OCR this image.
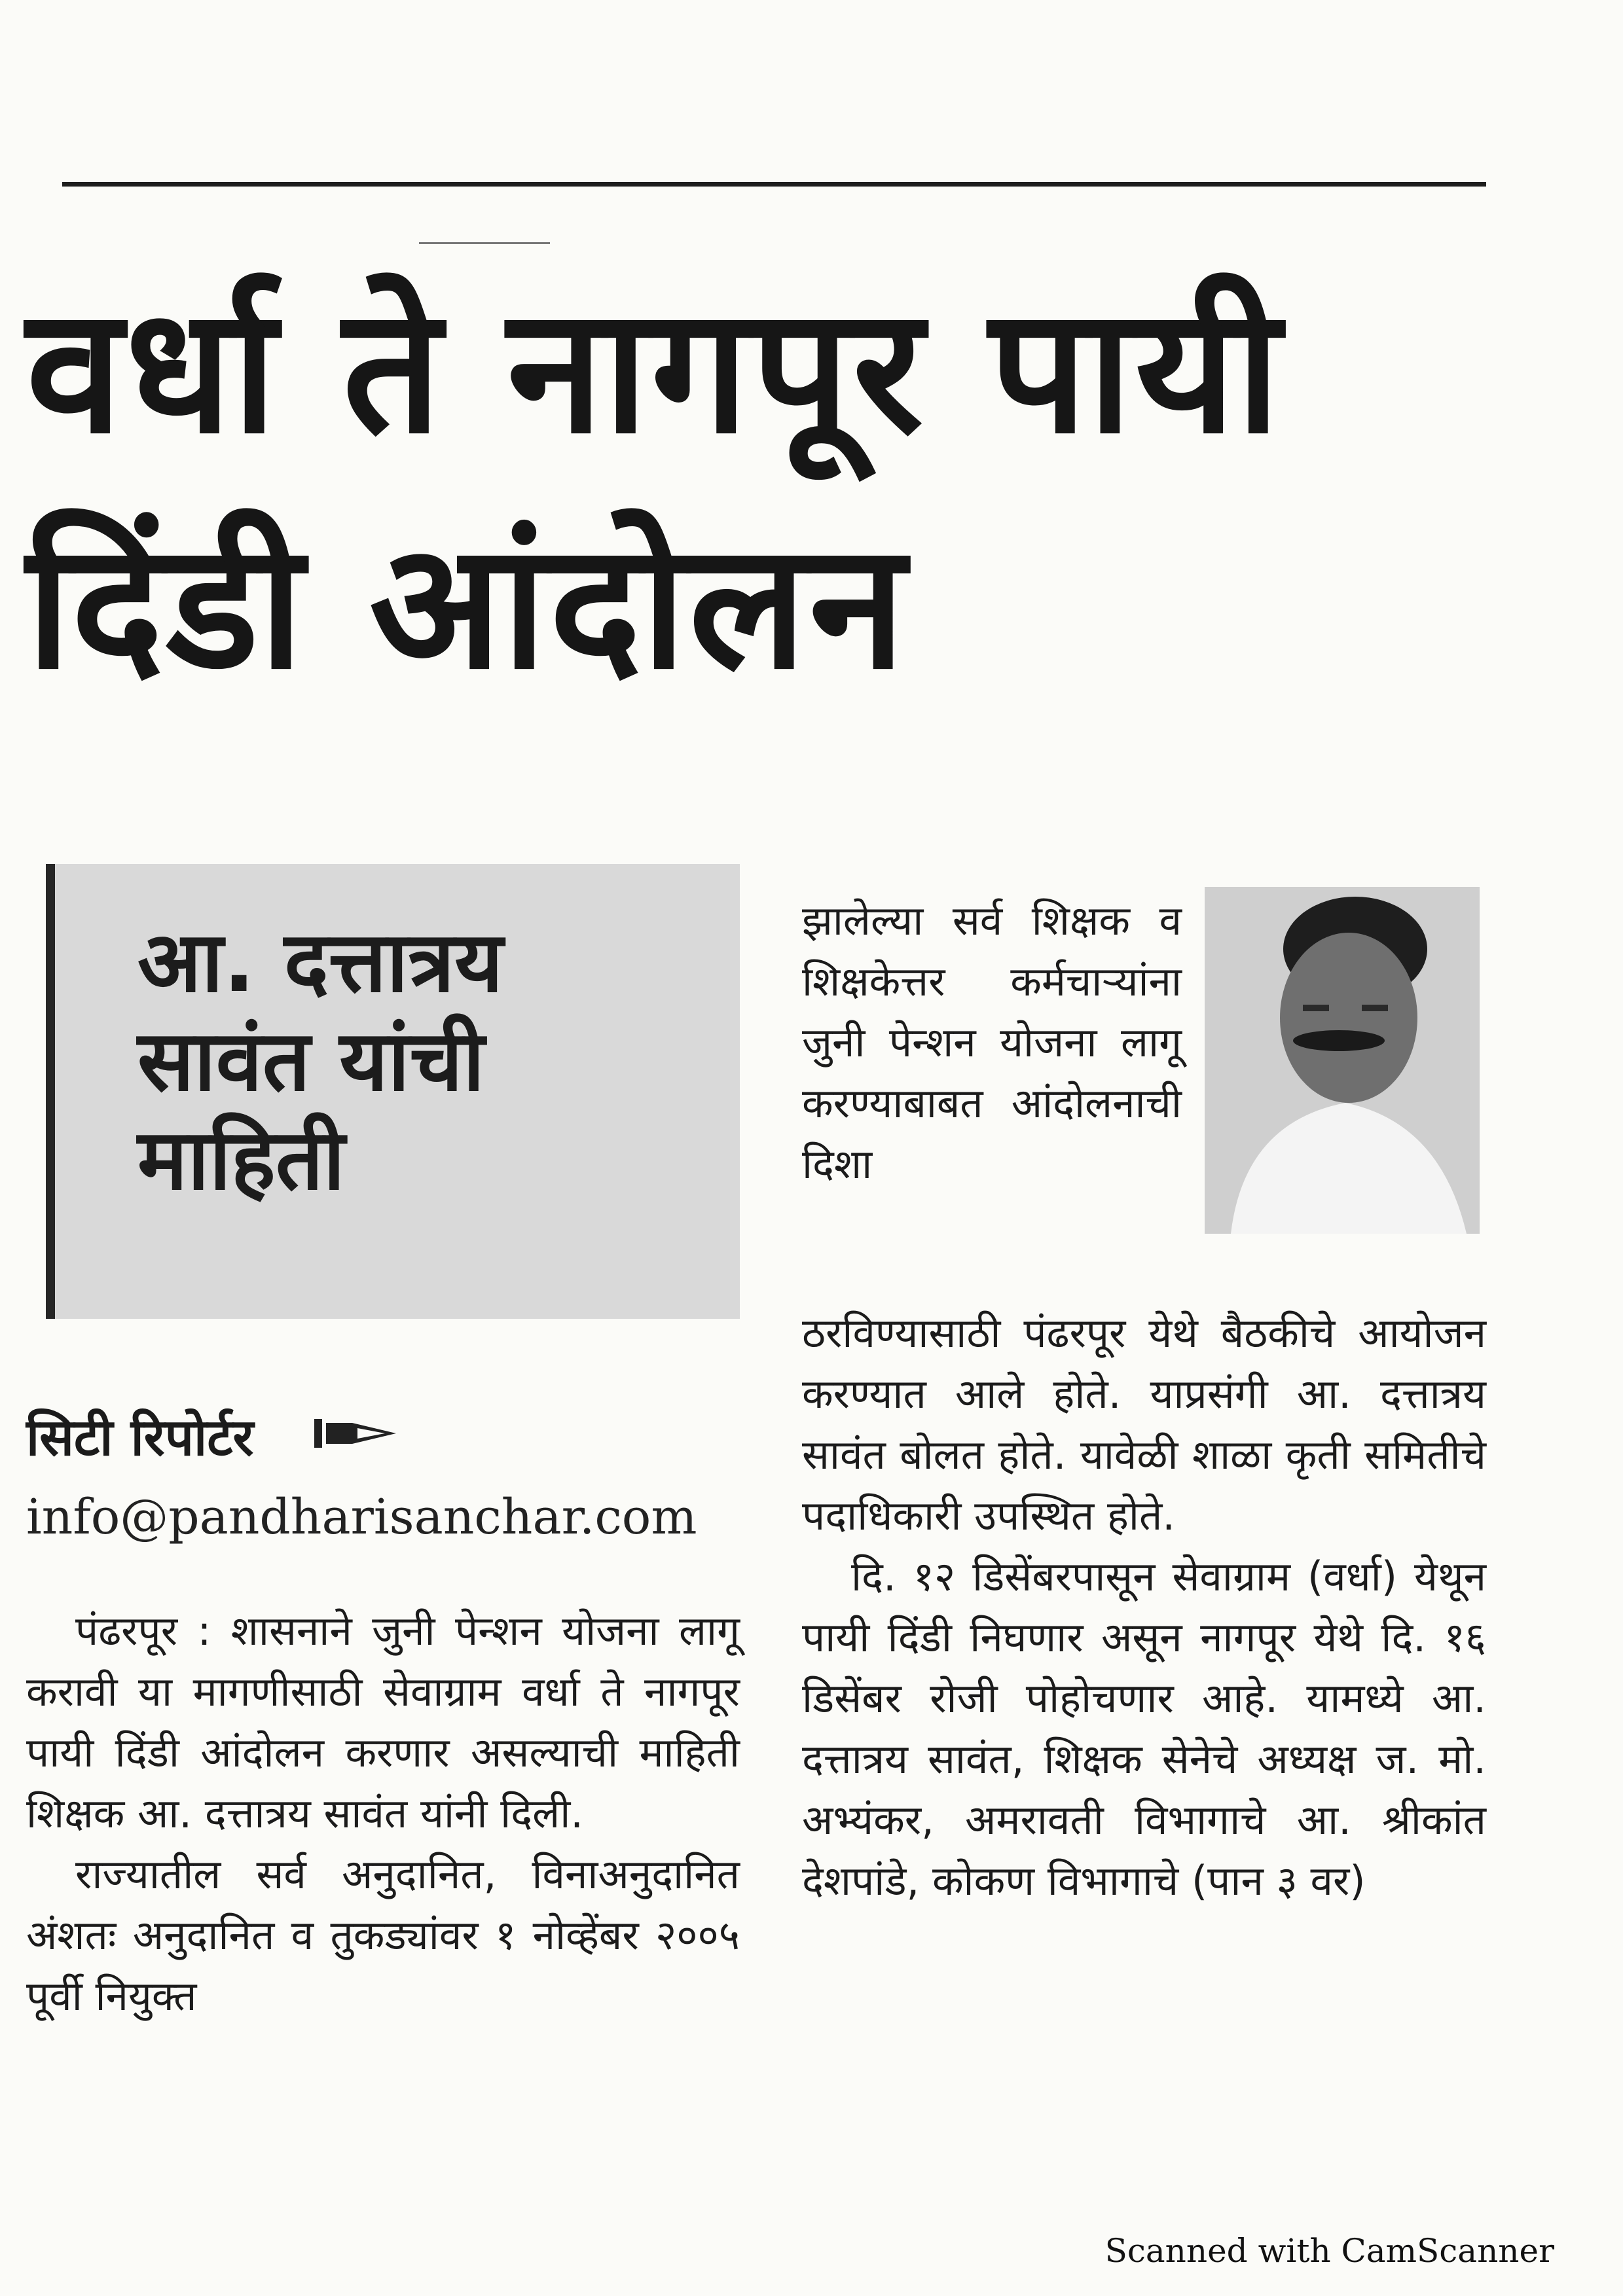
वर्धा ते नागपूर पायी
दिंडी आंदोलन
आ. दत्तात्रय
सावंत यांची
माहिती
सिटी रिपोर्टर
info@pandharisanchar.com

पंढरपूर : शासनाने जुनी पेन्शन योजना लागू करावी या मागणीसाठी सेवाग्राम वर्धा ते नागपूर पायी दिंडी आंदोलन करणार असल्याची माहिती शिक्षक आ. दत्तात्रय सावंत यांनी दिली.

राज्यातील सर्व अनुदानित, विनाअनुदानित अंशतः अनुदानित व तुकड्यांवर १ नोव्हेंबर २००५ पूर्वी नियुक्त

झालेल्या सर्व शिक्षक व शिक्षकेत्तर कर्मचाऱ्यांना जुनी पेन्शन योजना लागू करण्याबाबत आंदोलनाची दिशा

ठरविण्यासाठी पंढरपूर येथे बैठकीचे आयोजन करण्यात आले होते. याप्रसंगी आ. दत्तात्रय सावंत बोलत होते. यावेळी शाळा कृती समितीचे पदाधिकारी उपस्थित होते.

दि. १२ डिसेंबरपासून सेवाग्राम (वर्धा) येथून पायी दिंडी निघणार असून नागपूर येथे दि. १६ डिसेंबर रोजी पोहोचणार आहे. यामध्ये आ. दत्तात्रय सावंत, शिक्षक सेनेचे अध्यक्ष ज. मो. अभ्यंकर, अमरावती विभागाचे आ. श्रीकांत देशपांडे, कोकण विभागाचे (पान ३ वर)

Scanned with CamScanner
